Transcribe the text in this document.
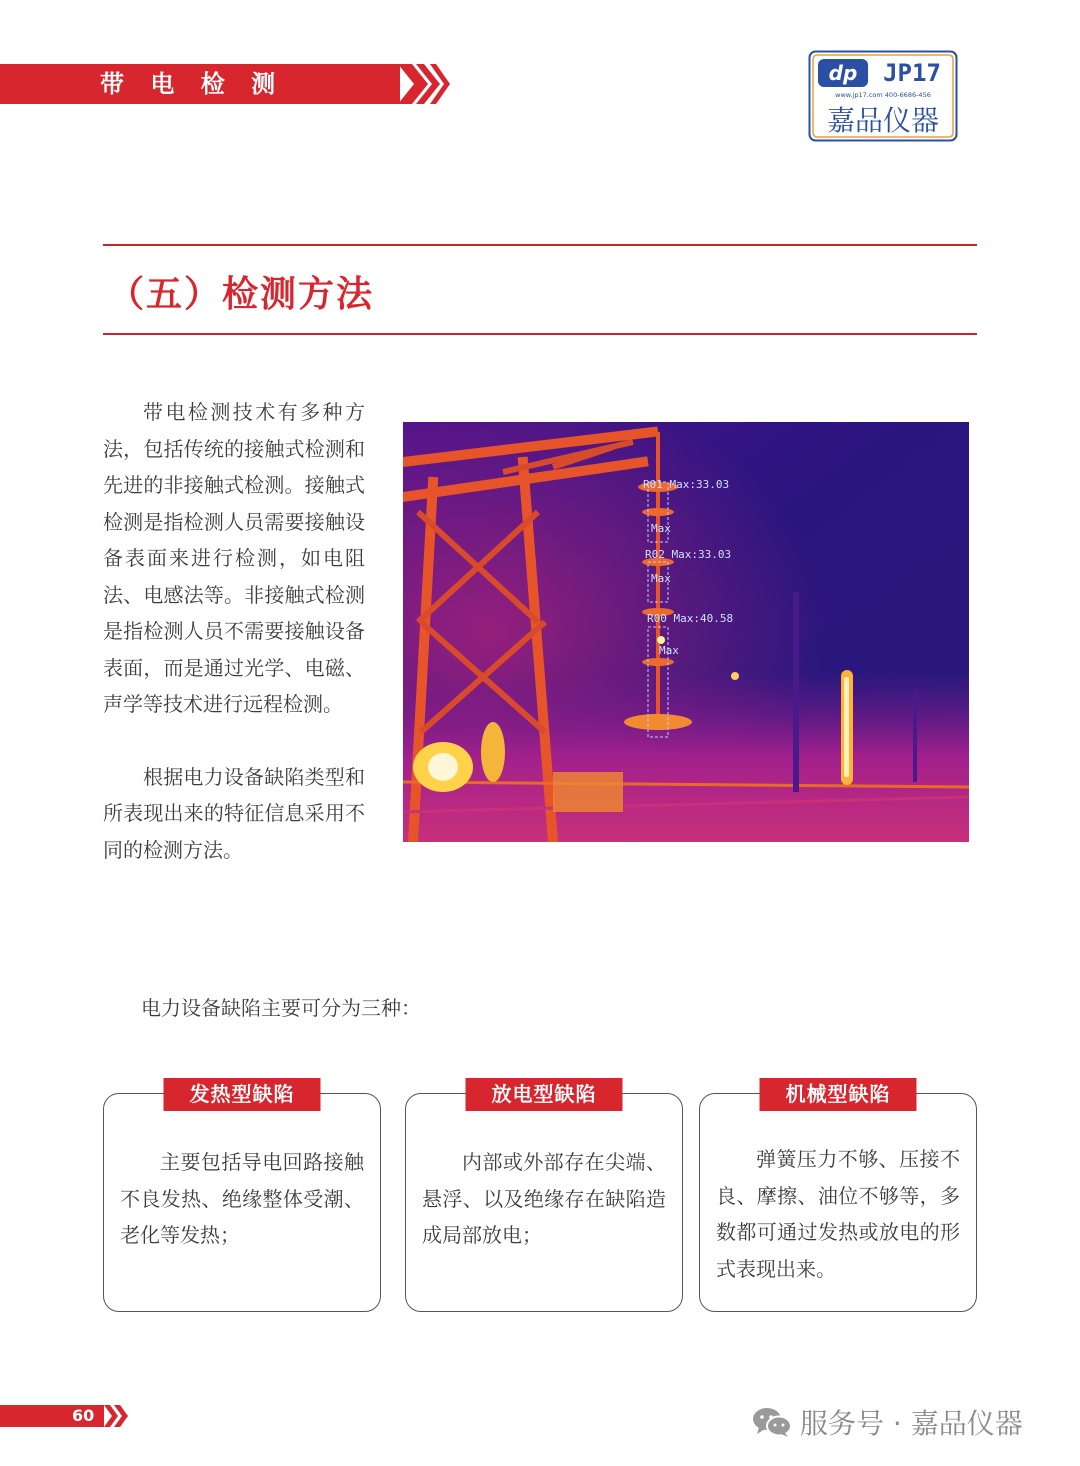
带 电 检 测	dp JP17
www.jp17.com 400-6686-456
嘉品仪器
（五）检测方法

带电检测技术有多种方法，包括传统的接触式检测和先进的非接触式检测。接触式检测是指检测人员需要接触设备表面来进行检测，如电阻法、电感法等。非接触式检测是指检测人员不需要接触设备表面，而是通过光学、电磁、声学等技术进行远程检测。

根据电力设备缺陷类型和所表现出来的特征信息采用不同的检测方法。

R01 Max:33.03
Max
R02 Max:33.03
Max
R00 Max:40.58
Max
电力设备缺陷主要可分为三种：
发热型缺陷
主要包括导电回路接触不良发热、绝缘整体受潮、老化等发热；
放电型缺陷
内部或外部存在尖端、悬浮、以及绝缘存在缺陷造成局部放电；
机械型缺陷
弹簧压力不够、压接不良、摩擦、油位不够等，多数都可通过发热或放电的形式表现出来。
60	服务号 · 嘉品仪器
